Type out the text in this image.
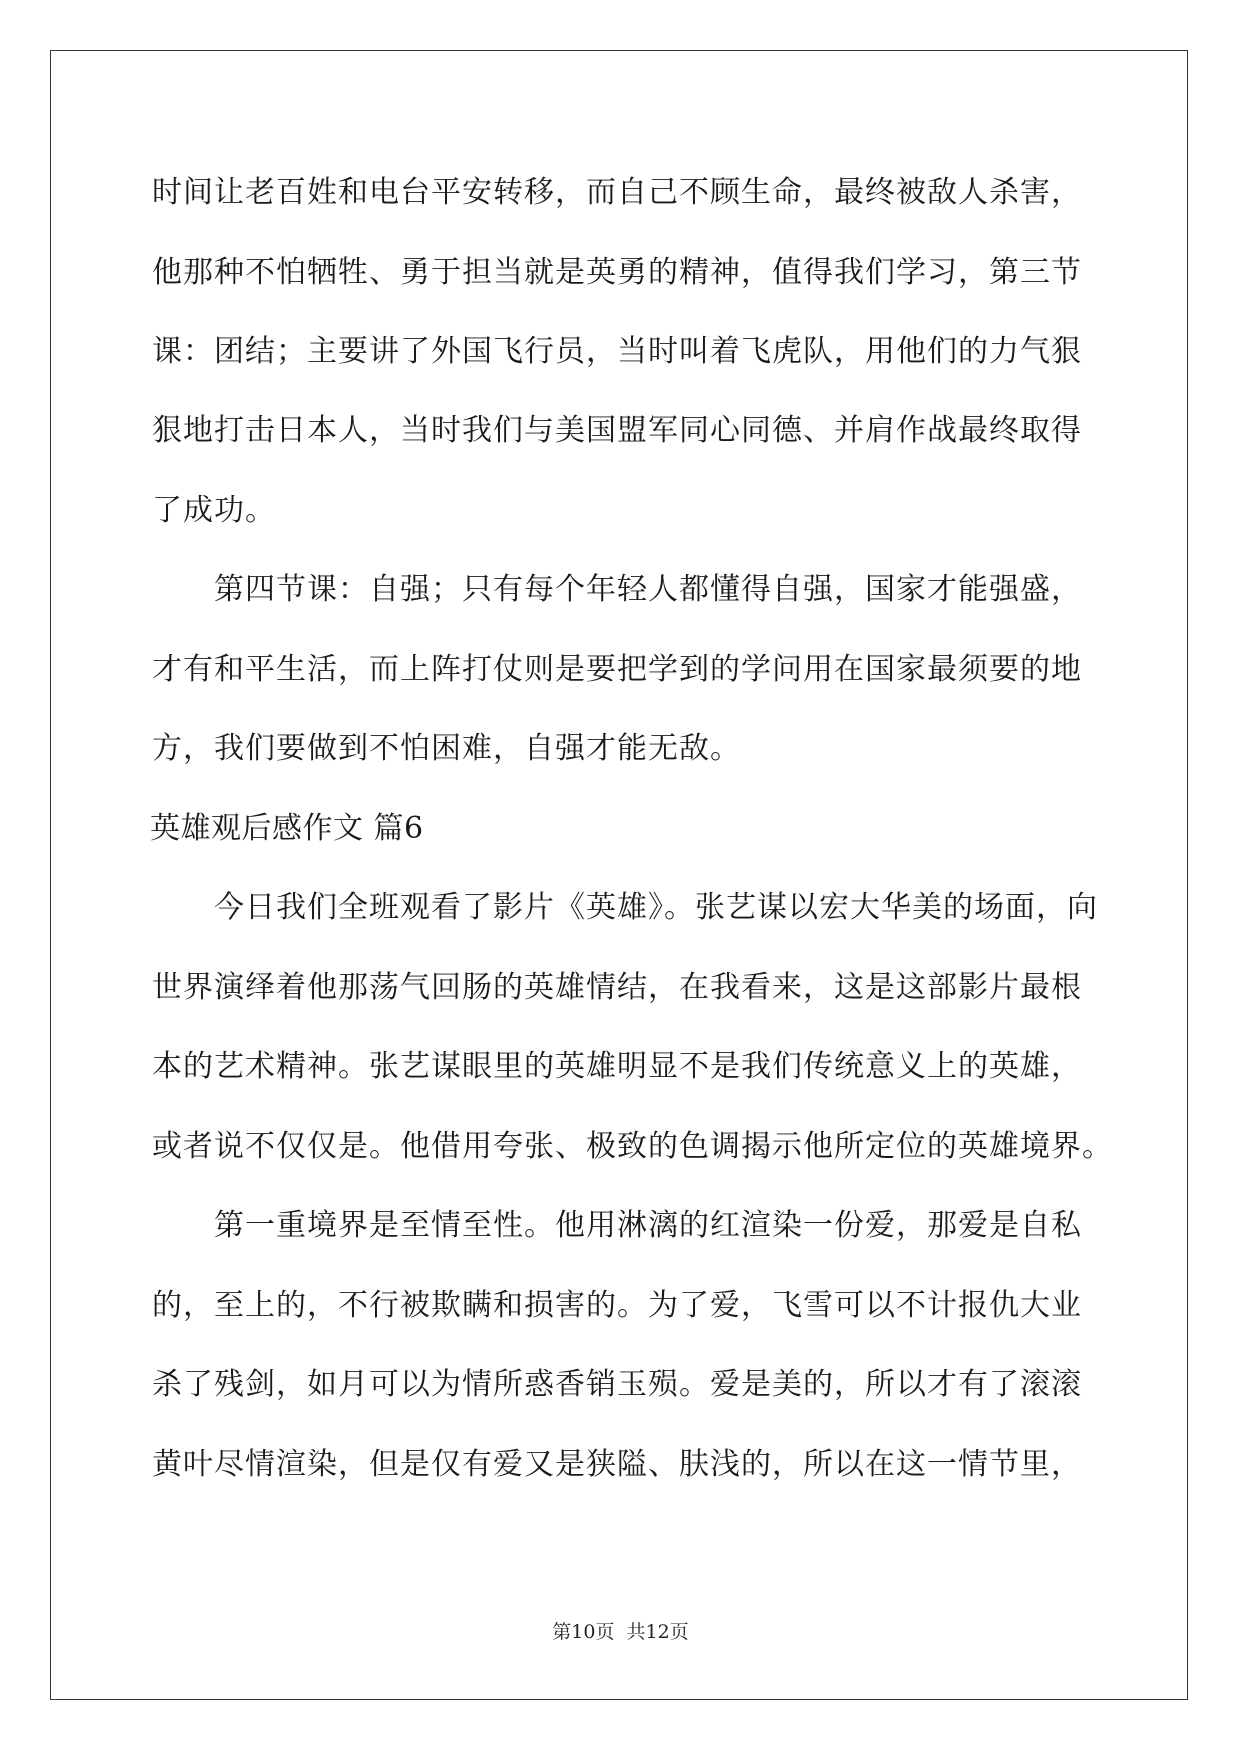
时间让老百姓和电台平安转移，而自己不顾生命，最终被敌人杀害，
他那种不怕牺牲、勇于担当就是英勇的精神，值得我们学习，第三节
课：团结；主要讲了外国飞行员，当时叫着飞虎队，用他们的力气狠
狠地打击日本人，当时我们与美国盟军同心同德、并肩作战最终取得
了成功。
第四节课：自强；只有每个年轻人都懂得自强，国家才能强盛，
才有和平生活，而上阵打仗则是要把学到的学问用在国家最须要的地
方，我们要做到不怕困难，自强才能无敌。
英雄观后感作文 篇6
今日我们全班观看了影片《英雄》。张艺谋以宏大华美的场面，向
世界演绎着他那荡气回肠的英雄情结，在我看来，这是这部影片最根
本的艺术精神。张艺谋眼里的英雄明显不是我们传统意义上的英雄，
或者说不仅仅是。他借用夸张、极致的色调揭示他所定位的英雄境界。
第一重境界是至情至性。他用淋漓的红渲染一份爱，那爱是自私
的，至上的，不行被欺瞒和损害的。为了爱，飞雪可以不计报仇大业
杀了残剑，如月可以为情所惑香销玉殒。爱是美的，所以才有了滚滚
黄叶尽情渲染，但是仅有爱又是狭隘、肤浅的，所以在这一情节里，
第10页 共12页
